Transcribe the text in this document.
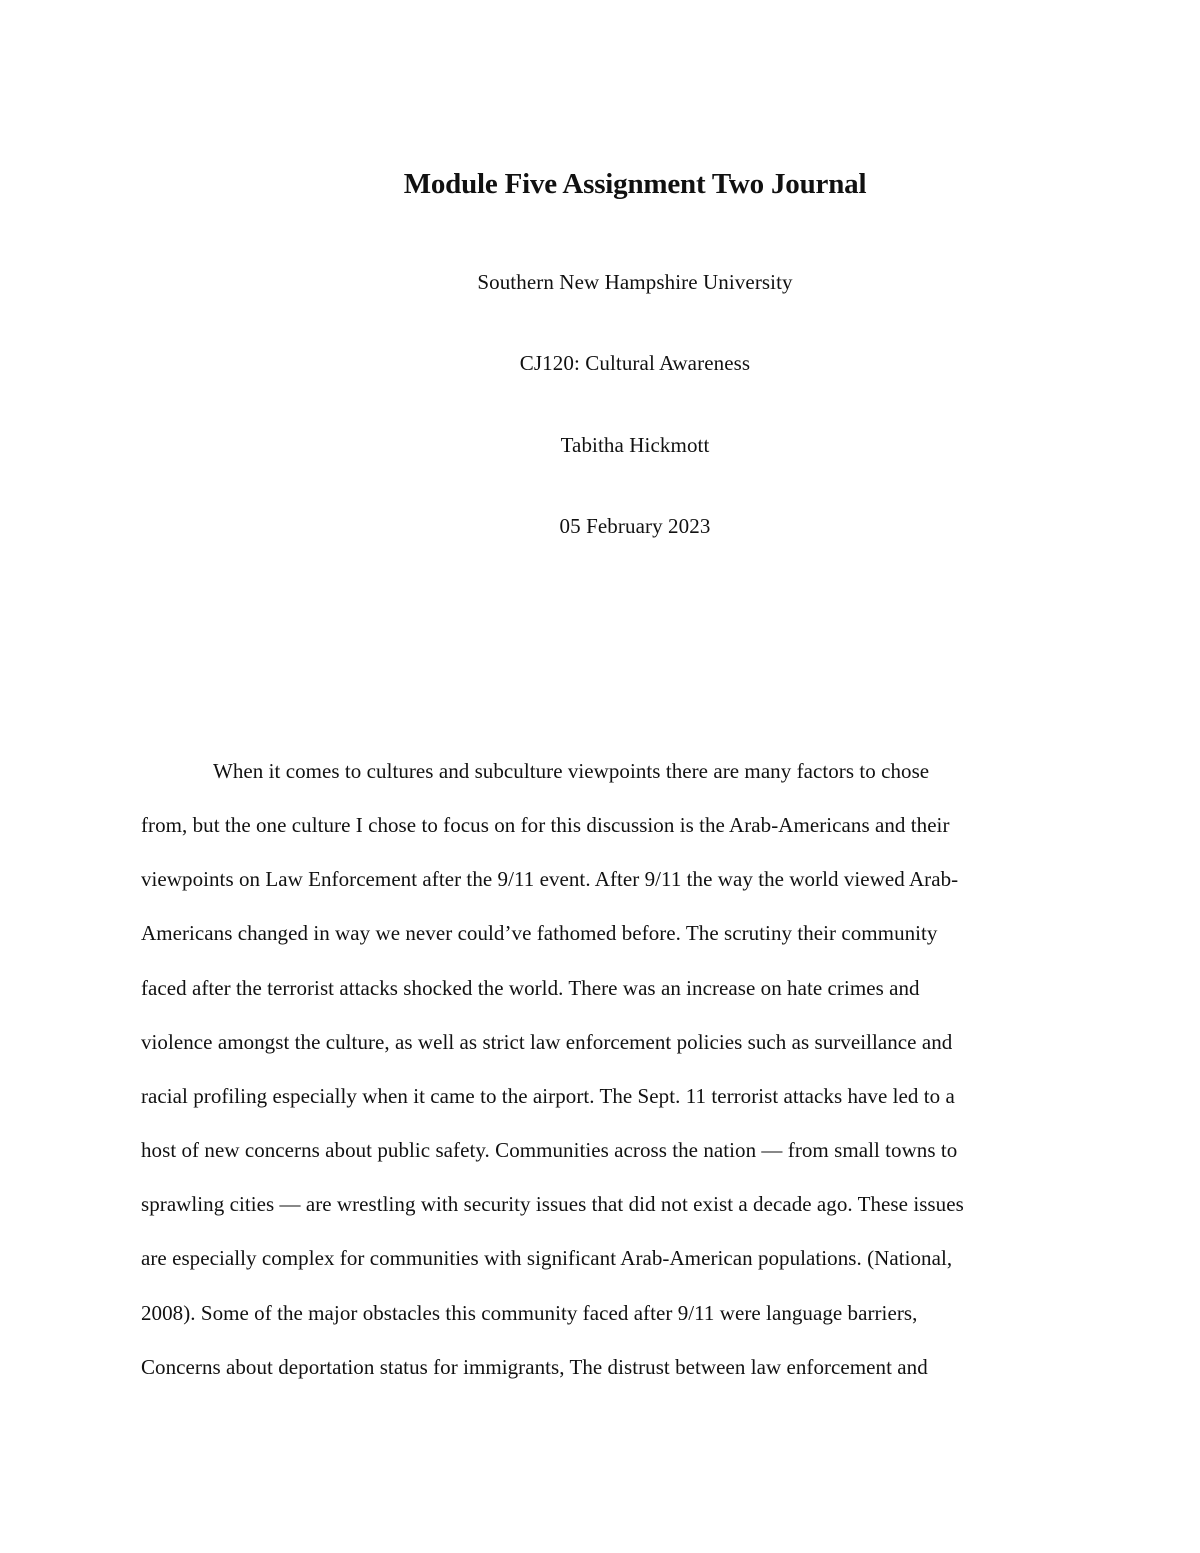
Module Five Assignment Two Journal
Southern New Hampshire University
CJ120: Cultural Awareness
Tabitha Hickmott
05 February 2023
When it comes to cultures and subculture viewpoints there are many factors to chose
from, but the one culture I chose to focus on for this discussion is the Arab-Americans and their
viewpoints on Law Enforcement after the 9/11 event. After 9/11 the way the world viewed Arab-
Americans changed in way we never could’ve fathomed before. The scrutiny their community
faced after the terrorist attacks shocked the world. There was an increase on hate crimes and
violence amongst the culture, as well as strict law enforcement policies such as surveillance and
racial profiling especially when it came to the airport. The Sept. 11 terrorist attacks have led to a
host of new concerns about public safety. Communities across the nation — from small towns to
sprawling cities — are wrestling with security issues that did not exist a decade ago. These issues
are especially complex for communities with significant Arab-American populations. (National,
2008). Some of the major obstacles this community faced after 9/11 were language barriers,
Concerns about deportation status for immigrants, The distrust between law enforcement and
